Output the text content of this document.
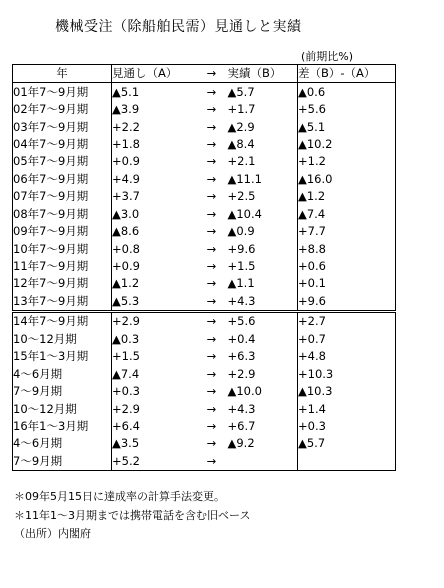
機械受注（除船舶民需）見通しと実績
(前期比%)
年	見通し（A）	→	実績（B）	差（B）-（A）
01年7～9月期	▲5.1	→	▲5.7	▲0.6
02年7～9月期	▲3.9	→	+1.7	+5.6
03年7～9月期	+2.2	→	▲2.9	▲5.1
04年7～9月期	+1.8	→	▲8.4	▲10.2
05年7～9月期	+0.9	→	+2.1	+1.2
06年7～9月期	+4.9	→	▲11.1	▲16.0
07年7～9月期	+3.7	→	+2.5	▲1.2
08年7～9月期	▲3.0	→	▲10.4	▲7.4
09年7～9月期	▲8.6	→	▲0.9	+7.7
10年7～9月期	+0.8	→	+9.6	+8.8
11年7～9月期	+0.9	→	+1.5	+0.6
12年7～9月期	▲1.2	→	▲1.1	+0.1
13年7～9月期	▲5.3	→	+4.3	+9.6
14年7～9月期	+2.9	→	+5.6	+2.7
10～12月期	▲0.3	→	+0.4	+0.7
15年1～3月期	+1.5	→	+6.3	+4.8
4～6月期	▲7.4	→	+2.9	+10.3
7～9月期	+0.3	→	▲10.0	▲10.3
10～12月期	+2.9	→	+4.3	+1.4
16年1～3月期	+6.4	→	+6.7	+0.3
4～6月期	▲3.5	→	▲9.2	▲5.7
7～9月期	+5.2	→		
＊09年5月15日に達成率の計算手法変更。
＊11年1～3月期までは携帯電話を含む旧ベース
（出所）内閣府
